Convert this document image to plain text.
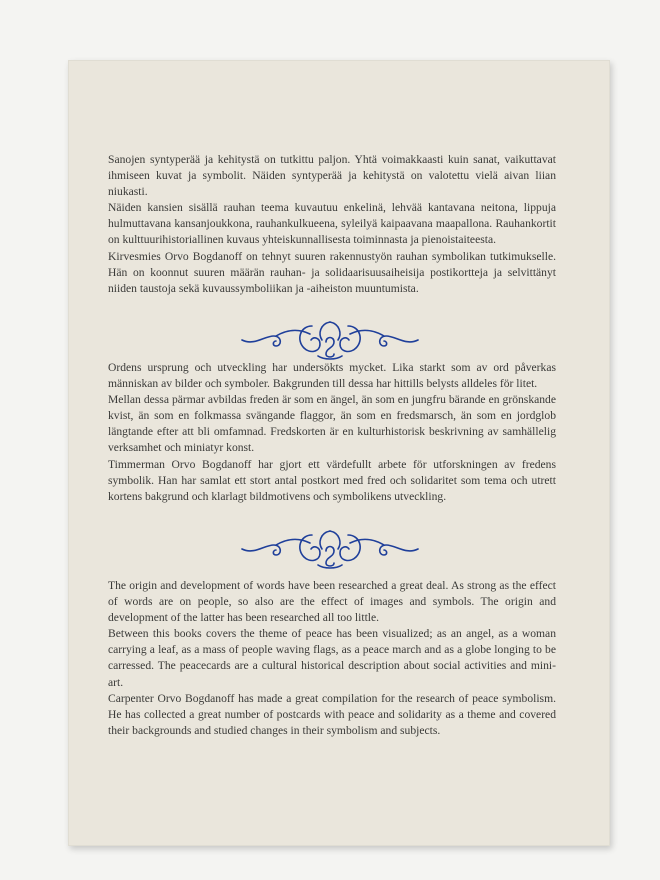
Sanojen syntyperää ja kehitystä on tutkittu paljon. Yhtä voimakkaasti kuin sanat, vaikuttavat ihmiseen kuvat ja symbolit. Näiden syntyperää ja kehitystä on valotettu vielä aivan liian niukasti.

Näiden kansien sisällä rauhan teema kuvautuu enkelinä, lehvää kantavana neitona, lippuja hulmuttavana kansanjoukkona, rauhankulkueena, syleilyä kaipaavana maapallona. Rauhankortit on kulttuurihistoriallinen kuvaus yhteiskunnallisesta toiminnasta ja pienoistaiteesta.

Kirvesmies Orvo Bogdanoff on tehnyt suuren rakennustyön rauhan symbolikan tutkimukselle. Hän on koonnut suuren määrän rauhan- ja solidaarisuusaiheisija postikortteja ja selvittänyt niiden taustoja sekä kuvaussymboliikan ja -aiheiston muuntumista.

Ordens ursprung och utveckling har undersökts mycket. Lika starkt som av ord påverkas människan av bilder och symboler. Bakgrunden till dessa har hittills belysts alldeles för litet.

Mellan dessa pärmar avbildas freden är som en ängel, än som en jungfru bärande en grönskande kvist, än som en folkmassa svängande flaggor, än som en fredsmarsch, än som en jordglob längtande efter att bli omfamnad. Fredskorten är en kulturhistorisk beskrivning av samhällelig verksamhet och miniatyr konst.

Timmerman Orvo Bogdanoff har gjort ett värdefullt arbete för utforskningen av fredens symbolik. Han har samlat ett stort antal postkort med fred och solidaritet som tema och utrett kortens bakgrund och klarlagt bildmotivens och symbolikens utveckling.

The origin and development of words have been researched a great deal. As strong as the effect of words are on people, so also are the effect of images and symbols. The origin and development of the latter has been researched all too little.

Between this books covers the theme of peace has been visualized; as an angel, as a woman carrying a leaf, as a mass of people waving flags, as a peace march and as a globe longing to be carressed. The peacecards are a cultural historical description about social activities and mini-art.

Carpenter Orvo Bogdanoff has made a great compilation for the research of peace symbolism. He has collected a great number of postcards with peace and solidarity as a theme and covered their backgrounds and studied changes in their symbolism and subjects.
